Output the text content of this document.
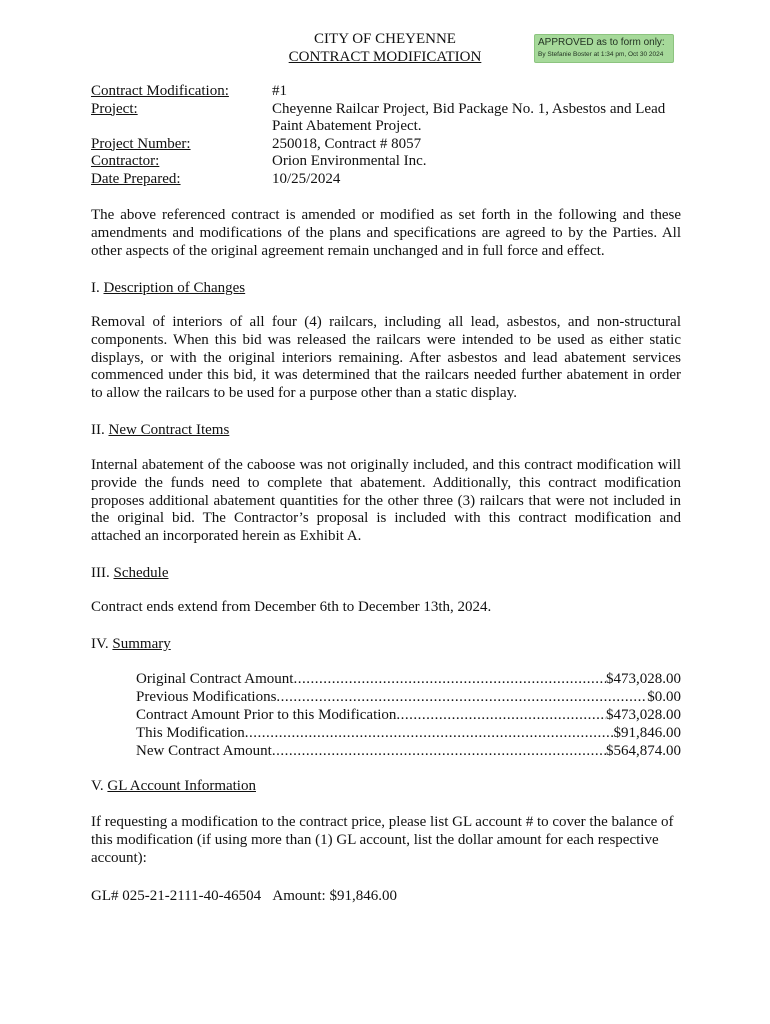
CITY OF CHEYENNE
CONTRACT MODIFICATION
APPROVED as to form only:
By Stefanie Boster at 1:34 pm, Oct 30 2024
Contract Modification:	#1
Project:	Cheyenne Railcar Project, Bid Package No. 1, Asbestos and Lead Paint Abatement Project.
Project Number:	250018, Contract # 8057
Contractor:	Orion Environmental Inc.
Date Prepared:	10/25/2024
The above referenced contract is amended or modified as set forth in the following and these amendments and modifications of the plans and specifications are agreed to by the Parties. All other aspects of the original agreement remain unchanged and in full force and effect.
I. Description of Changes
Removal of interiors of all four (4) railcars, including all lead, asbestos, and non-structural components. When this bid was released the railcars were intended to be used as either static displays, or with the original interiors remaining. After asbestos and lead abatement services commenced under this bid, it was determined that the railcars needed further abatement in order to allow the railcars to be used for a purpose other than a static display.
II. New Contract Items
Internal abatement of the caboose was not originally included, and this contract modification will provide the funds need to complete that abatement. Additionally, this contract modification proposes additional abatement quantities for the other three (3) railcars that were not included in the original bid. The Contractor’s proposal is included with this contract modification and attached an incorporated herein as Exhibit A.
III. Schedule
Contract ends extend from December 6th to December 13th, 2024.
IV. Summary
Original Contract Amount .....	$473,028.00
Previous Modifications .....	$0.00
Contract Amount Prior to this Modification .....	$473,028.00
This Modification .....	$91,846.00
New Contract Amount .....	$564,874.00
V. GL Account Information
If requesting a modification to the contract price, please list GL account # to cover the balance of this modification (if using more than (1) GL account, list the dollar amount for each respective account):
GL# 025-21-2111-40-46504 Amount: $91,846.00
